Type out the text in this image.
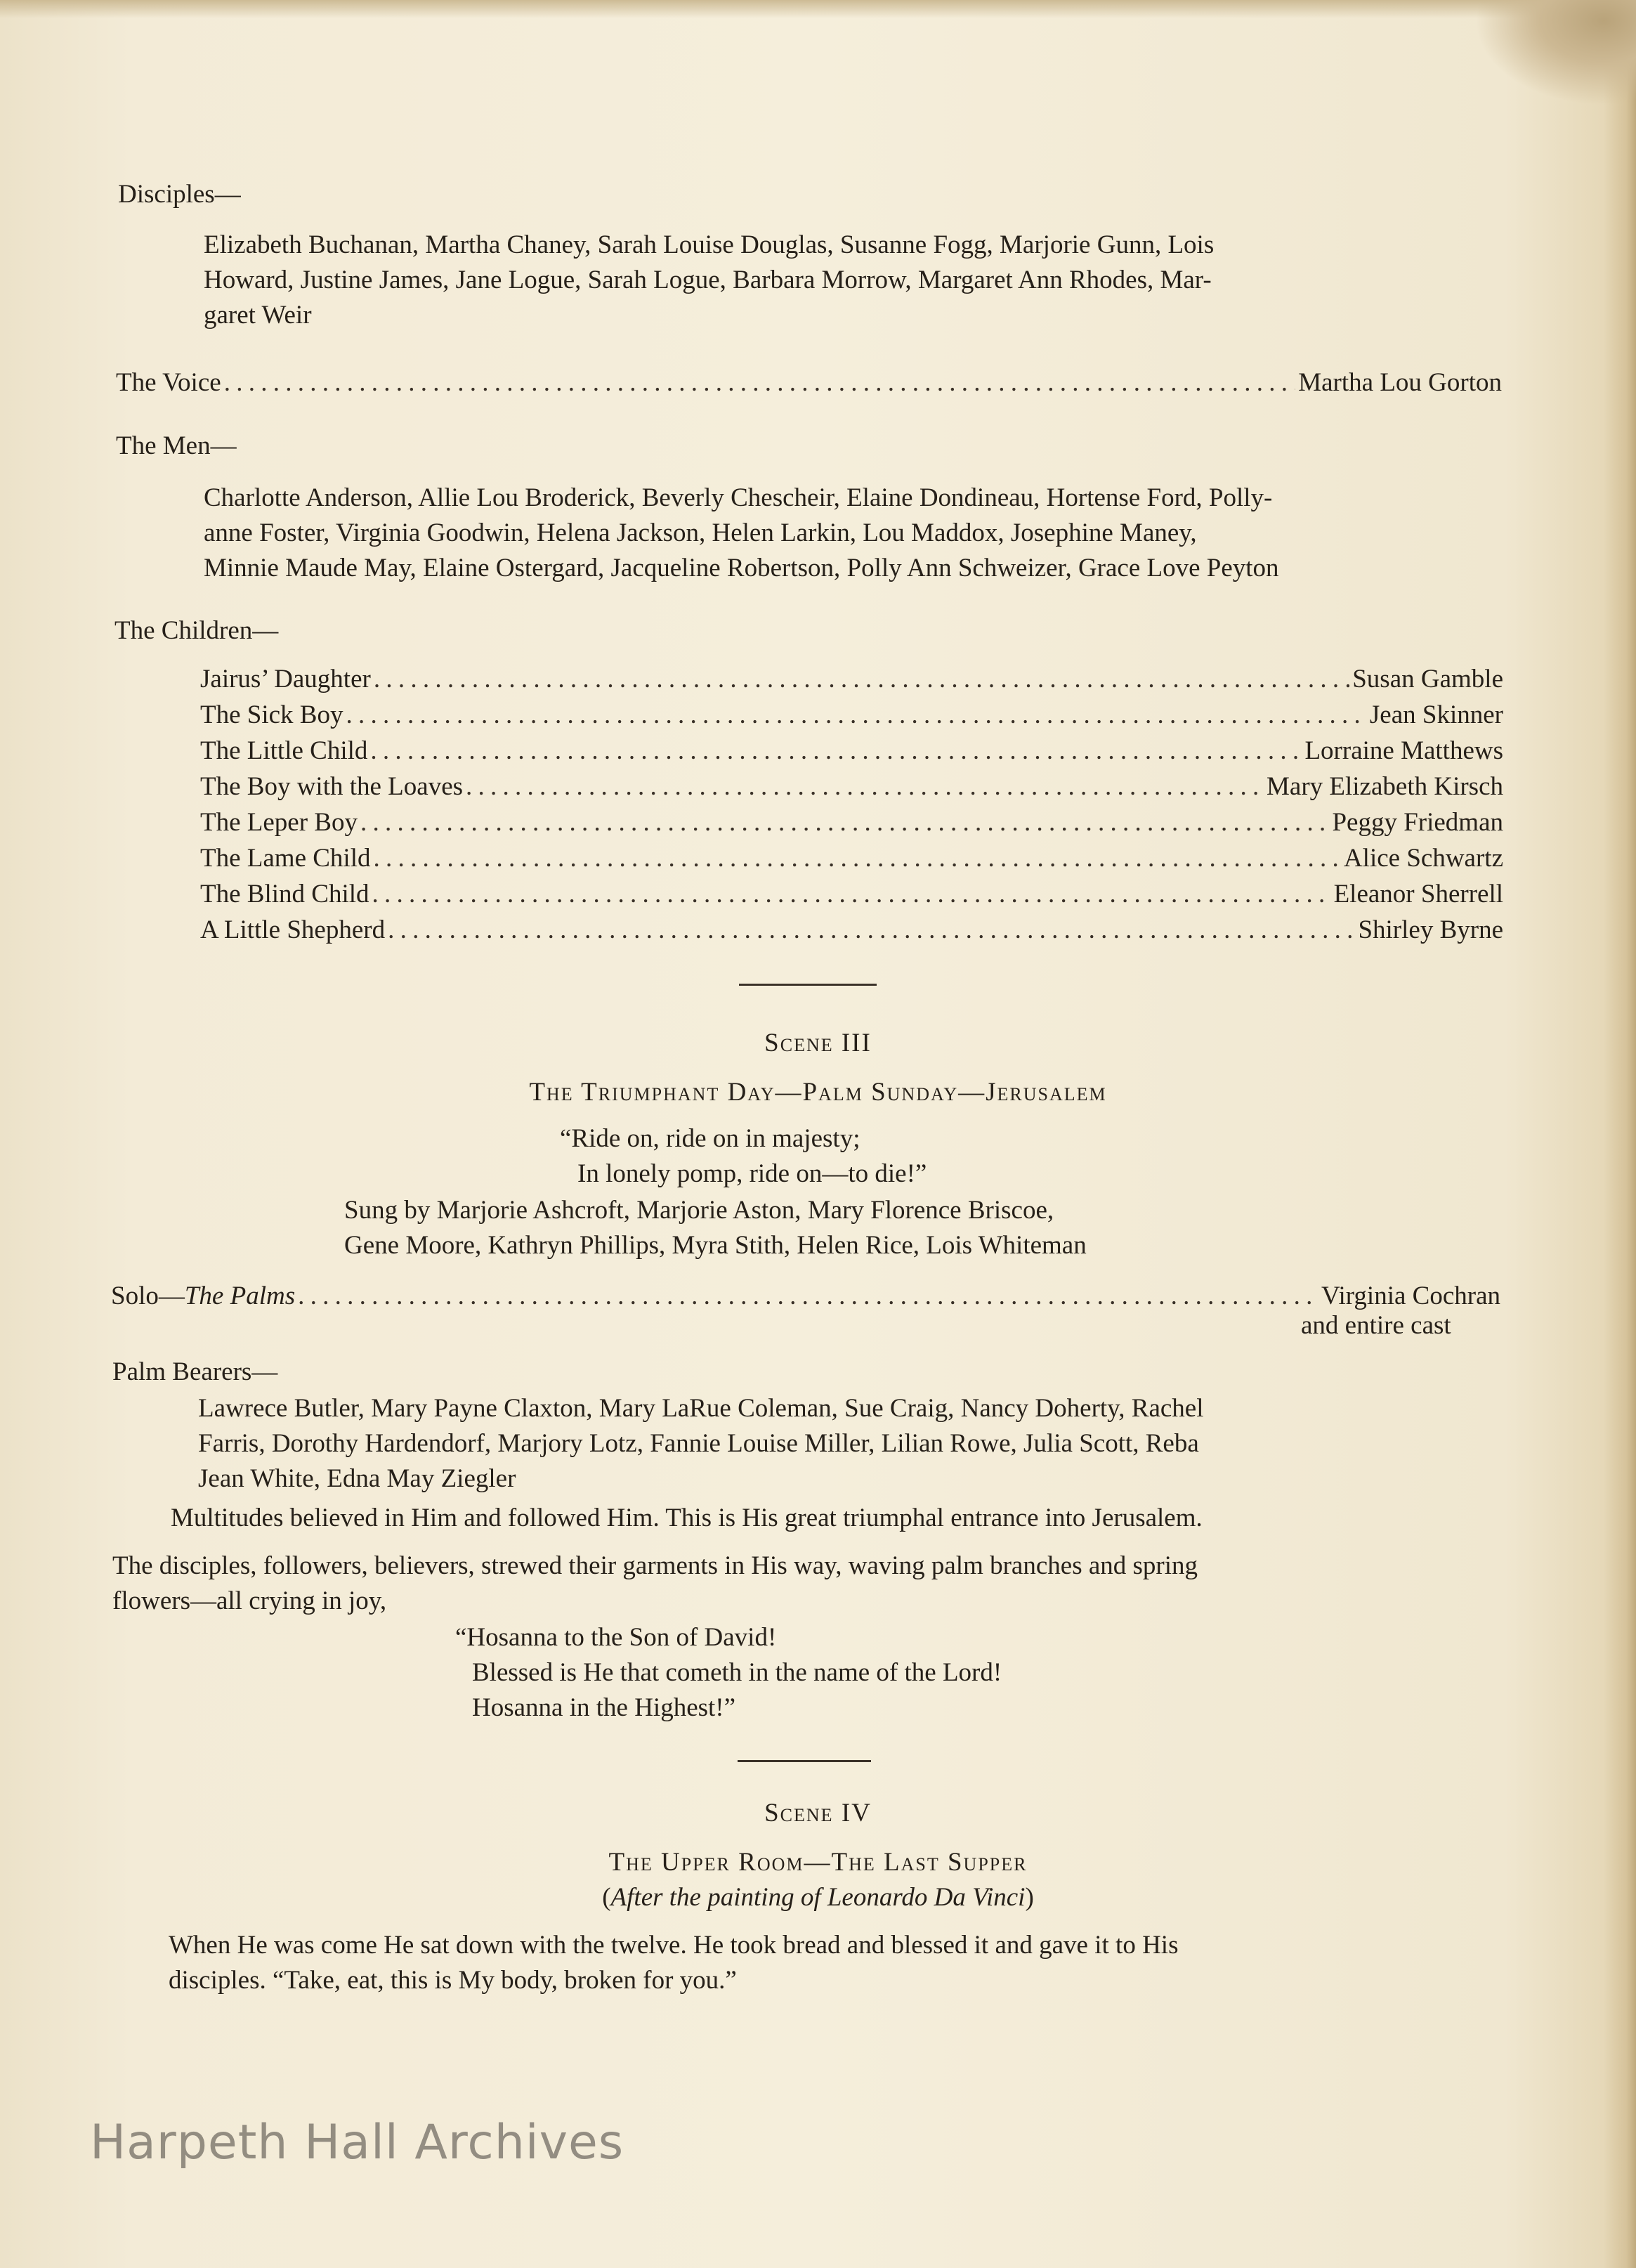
Disciples—
Elizabeth Buchanan, Martha Chaney, Sarah Louise Douglas, Susanne Fogg, Marjorie Gunn, Lois
Howard, Justine James, Jane Logue, Sarah Logue, Barbara Morrow, Margaret Ann Rhodes, Mar-
garet Weir
The Voice . . .	Martha Lou Gorton
The Men—
Charlotte Anderson, Allie Lou Broderick, Beverly Chescheir, Elaine Dondineau, Hortense Ford, Polly-
anne Foster, Virginia Goodwin, Helena Jackson, Helen Larkin, Lou Maddox, Josephine Maney,
Minnie Maude May, Elaine Ostergard, Jacqueline Robertson, Polly Ann Schweizer, Grace Love Peyton
The Children—
Jairus’ Daughter . . .	Susan Gamble
The Sick Boy . . .	Jean Skinner
The Little Child . . .	Lorraine Matthews
The Boy with the Loaves . . .	Mary Elizabeth Kirsch
The Leper Boy . . .	Peggy Friedman
The Lame Child . . .	Alice Schwartz
The Blind Child . . .	Eleanor Sherrell
A Little Shepherd . . .	Shirley Byrne
Scene III
The Triumphant Day—Palm Sunday—Jerusalem
“Ride on, ride on in majesty;
In lonely pomp, ride on—to die!”
Sung by Marjorie Ashcroft, Marjorie Aston, Mary Florence Briscoe,
Gene Moore, Kathryn Phillips, Myra Stith, Helen Rice, Lois Whiteman
Solo—The Palms . . .	Virginia Cochran
and entire cast
Palm Bearers—
Lawrece Butler, Mary Payne Claxton, Mary LaRue Coleman, Sue Craig, Nancy Doherty, Rachel
Farris, Dorothy Hardendorf, Marjory Lotz, Fannie Louise Miller, Lilian Rowe, Julia Scott, Reba
Jean White, Edna May Ziegler
Multitudes believed in Him and followed Him. This is His great triumphal entrance into Jerusalem.
The disciples, followers, believers, strewed their garments in His way, waving palm branches and spring
flowers—all crying in joy,
“Hosanna to the Son of David!
Blessed is He that cometh in the name of the Lord!
Hosanna in the Highest!”
Scene IV
The Upper Room—The Last Supper
(After the painting of Leonardo Da Vinci)
When He was come He sat down with the twelve. He took bread and blessed it and gave it to His
disciples. “Take, eat, this is My body, broken for you.”
Harpeth Hall Archives
